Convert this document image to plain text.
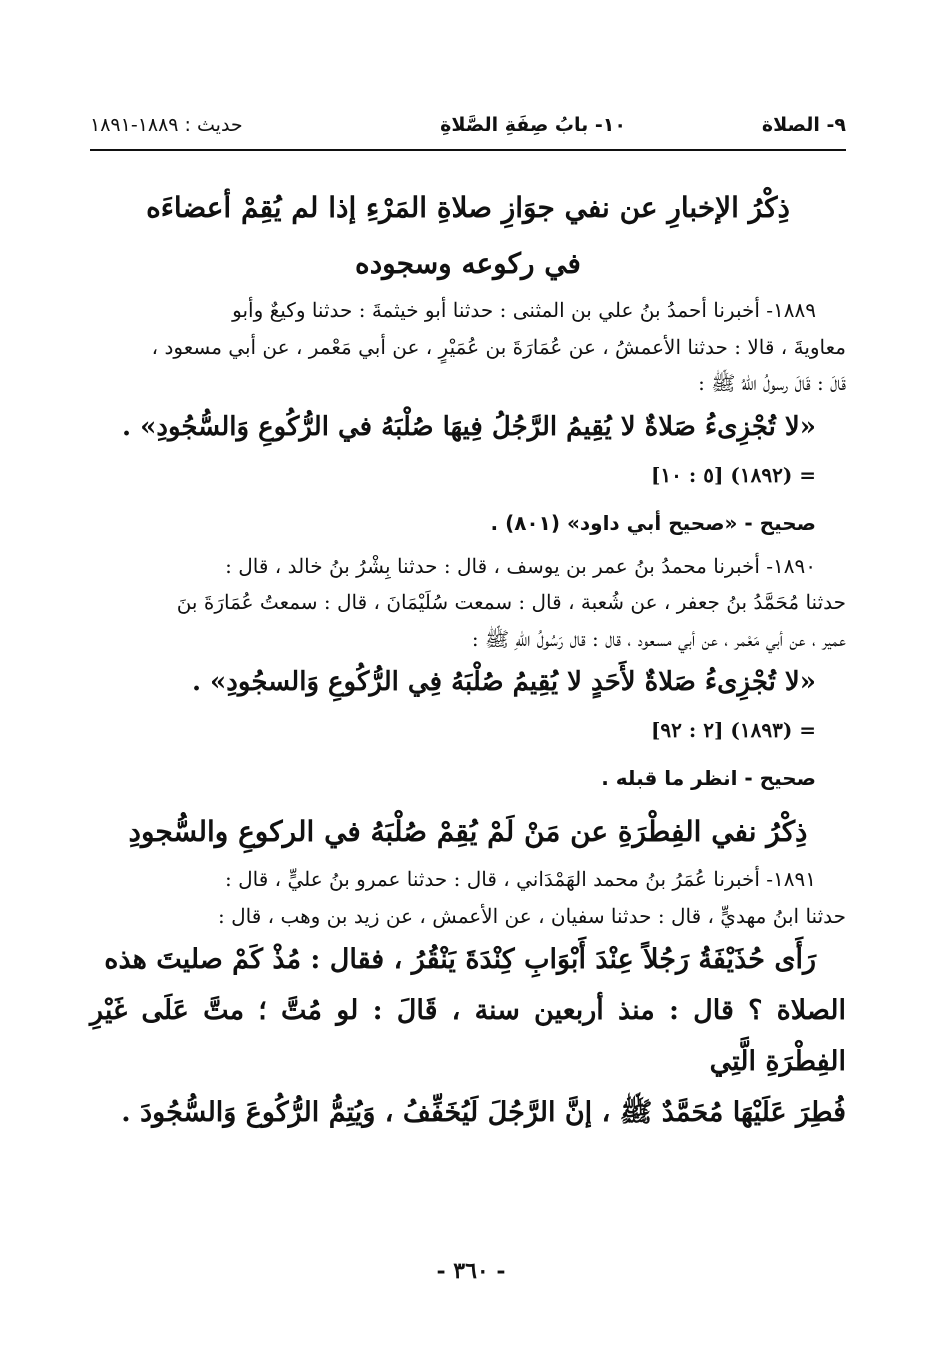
٩- الصلاة
١٠- بابُ صِفَةِ الصَّلاةِ
حديث : ١٨٨٩-١٨٩١
ذِكْرُ الإخبارِ عن نفي جوَازِ صلاةِ المَرْءِ إذا لم يُقِمْ أعضاءَه
في ركوعه وسجوده
١٨٨٩- أخبرنا أحمدُ بنُ علي بن المثنى : حدثنا أبو خيثمةَ : حدثنا وكيعٌ وأبو
معاويةَ ، قالا : حدثنا الأعمشُ ، عن عُمَارَةَ بن عُمَيْرٍ ، عن أبي مَعْمر ، عن أبي مسعود ،
قَالَ : قَالَ رسولُ اللّهُ ﷺ :
«لا تُجْزِىءُ صَلاةٌ لا يُقِيمُ الرَّجُلُ فِيهَا صُلْبَهُ في الرُّكُوعِ وَالسُّجُودِ» .
= (١٨٩٢) [٥ : ١٠]
صحيح - «صحيح أبي داود» (٨٠١) .
١٨٩٠- أخبرنا محمدُ بنُ عمر بن يوسف ، قال : حدثنا بِشْرُ بنُ خالد ، قال :
حدثنا مُحَمَّدُ بنُ جعفر ، عن شُعبة ، قال : سمعت سُلَيْمَانَ ، قال : سمعتُ عُمَارَةَ بنَ
عمير ، عن أبي مَعْمر ، عن أبي مسعود ، قال : قال رَسُولُ اللّهِ ﷺ :
«لا تُجْزِىءُ صَلاةٌ لأَحَدٍ لا يُقِيمُ صُلْبَهُ فِي الرُّكُوعِ وَالسجُودِ» .
= (١٨٩٣) [٢ : ٩٢]
صحيح - انظر ما قبله .
ذِكْرُ نفي الفِطْرَةِ عن مَنْ لَمْ يُقِمْ صُلْبَهُ في الركوعِ والسُّجودِ
١٨٩١- أخبرنا عُمَرُ بنُ محمد الهَمْدَاني ، قال : حدثنا عمرو بنُ عليٍّ ، قال :
حدثنا ابنُ مهديٍّ ، قال : حدثنا سفيان ، عن الأعمش ، عن زيد بن وهب ، قال :
رَأَى حُذَيْفَةُ رَجُلاً عِنْدَ أَبْوَابِ كِنْدَةَ يَنْقُرُ ، فقال : مُذْ كَمْ صليتَ هذه
الصلاة ؟ قال : منذ أربعين سنة ، قَالَ : لو مُتَّ ؛ متَّ عَلَى غَيْرِ الفِطْرَةِ الَّتِي
فُطِرَ عَلَيْهَا مُحَمَّدٌ ﷺ ، إنَّ الرَّجُلَ لَيُخَفِّفُ ، وَيُتِمُّ الرُّكُوعَ وَالسُّجُودَ .
- ٣٦٠ -
